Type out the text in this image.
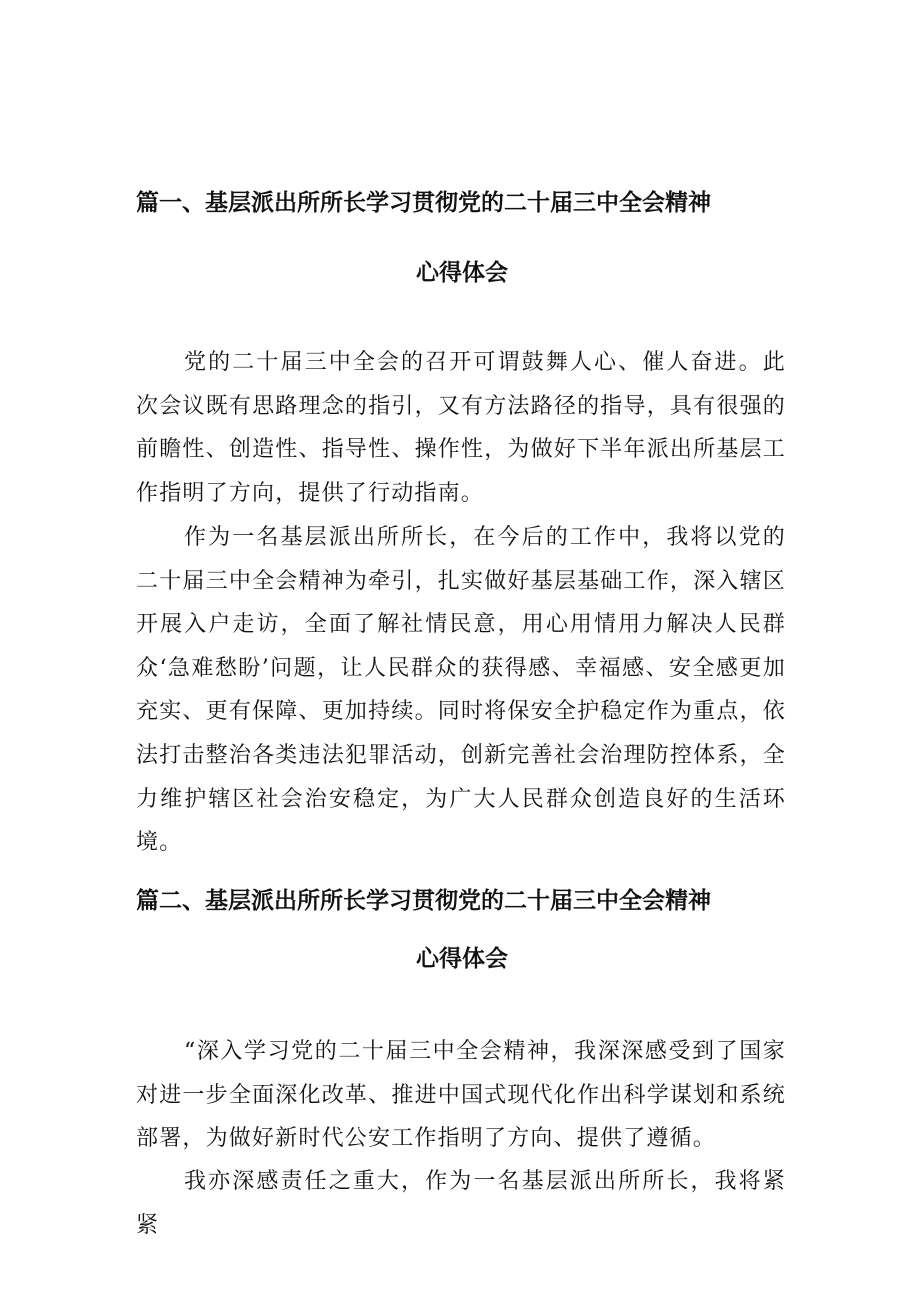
篇一、基层派出所所长学习贯彻党的二十届三中全会精神
心得体会

党的二十届三中全会的召开可谓鼓舞人心、催人奋进。此次会议既有思路理念的指引，又有方法路径的指导，具有很强的前瞻性、创造性、指导性、操作性，为做好下半年派出所基层工作指明了方向，提供了行动指南。

作为一名基层派出所所长，在今后的工作中，我将以党的二十届三中全会精神为牵引，扎实做好基层基础工作，深入辖区开展入户走访，全面了解社情民意，用心用情用力解决人民群众‘急难愁盼’问题，让人民群众的获得感、幸福感、安全感更加充实、更有保障、更加持续。同时将保安全护稳定作为重点，依法打击整治各类违法犯罪活动，创新完善社会治理防控体系，全力维护辖区社会治安稳定，为广大人民群众创造良好的生活环境。

篇二、基层派出所所长学习贯彻党的二十届三中全会精神
心得体会

“深入学习党的二十届三中全会精神，我深深感受到了国家对进一步全面深化改革、推进中国式现代化作出科学谋划和系统部署，为做好新时代公安工作指明了方向、提供了遵循。

我亦深感责任之重大，作为一名基层派出所所长，我将紧紧
